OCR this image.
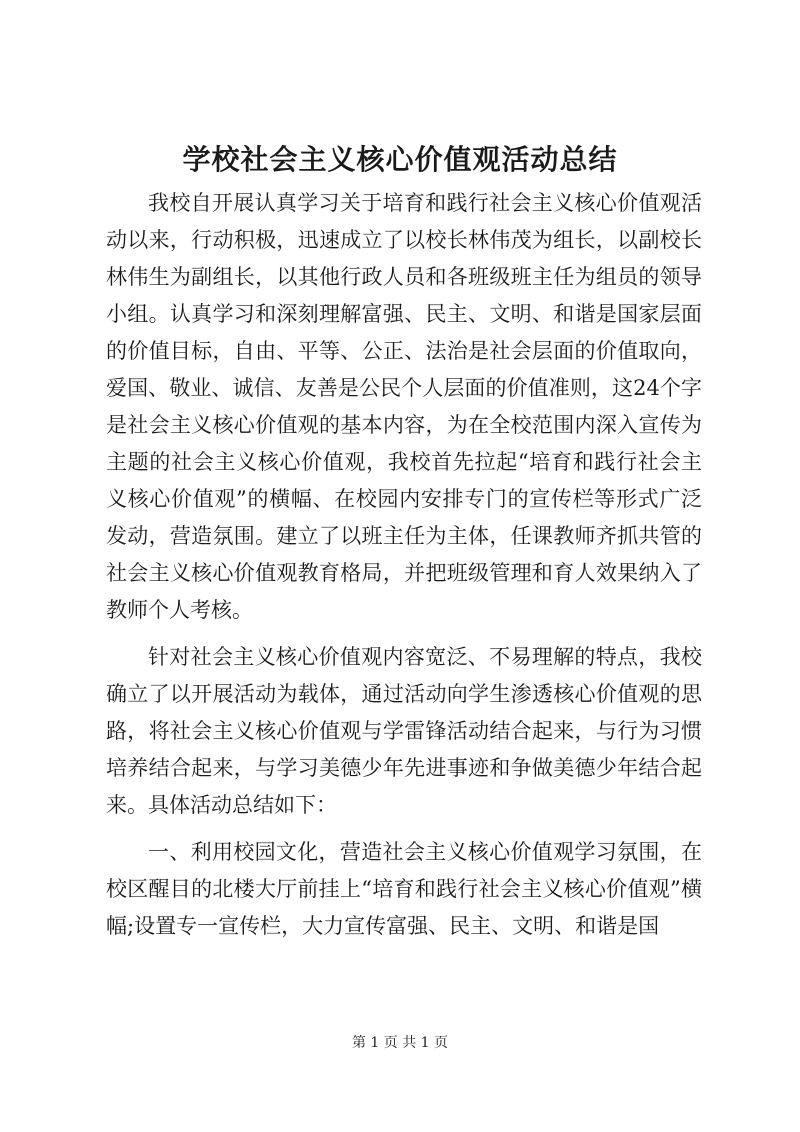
学校社会主义核心价值观活动总结

我校自开展认真学习关于培育和践行社会主义核心价值观活动以来，行动积极，迅速成立了以校长林伟茂为组长，以副校长林伟生为副组长，以其他行政人员和各班级班主任为组员的领导小组。认真学习和深刻理解富强、民主、文明、和谐是国家层面的价值目标，自由、平等、公正、法治是社会层面的价值取向，爱国、敬业、诚信、友善是公民个人层面的价值准则，这24个字是社会主义核心价值观的基本内容，为在全校范围内深入宣传为主题的社会主义核心价值观，我校首先拉起“培育和践行社会主义核心价值观”的横幅、在校园内安排专门的宣传栏等形式广泛发动，营造氛围。建立了以班主任为主体，任课教师齐抓共管的社会主义核心价值观教育格局，并把班级管理和育人效果纳入了教师个人考核。

针对社会主义核心价值观内容宽泛、不易理解的特点，我校确立了以开展活动为载体，通过活动向学生渗透核心价值观的思路，将社会主义核心价值观与学雷锋活动结合起来，与行为习惯培养结合起来，与学习美德少年先进事迹和争做美德少年结合起来。具体活动总结如下：

一、利用校园文化，营造社会主义核心价值观学习氛围，在校区醒目的北楼大厅前挂上“培育和践行社会主义核心价值观”横幅;设置专一宣传栏，大力宣传富强、民主、文明、和谐是国

第 1 页 共 1 页
